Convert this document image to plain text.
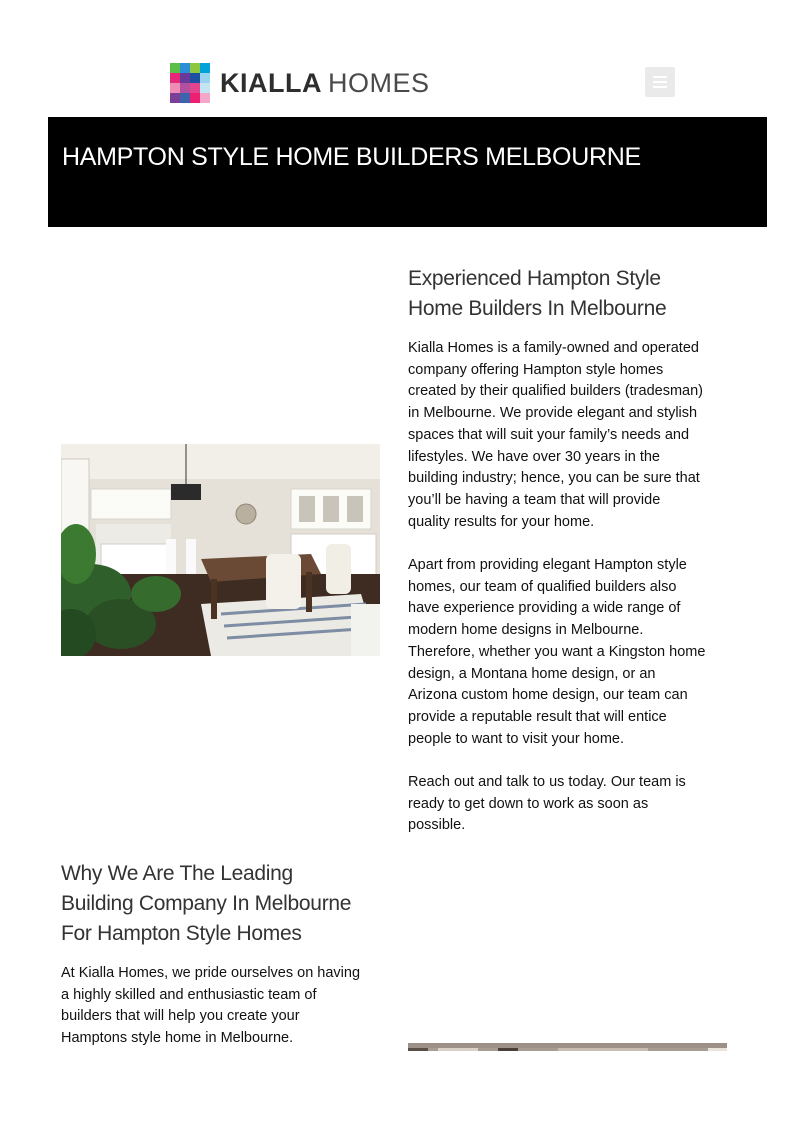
KIALLA HOMES
HAMPTON STYLE HOME BUILDERS MELBOURNE
Experienced Hampton Style Home Builders In Melbourne

Kialla Homes is a family-owned and operated company offering Hampton style homes created by their qualified builders (tradesman) in Melbourne. We provide elegant and stylish spaces that will suit your family’s needs and lifestyles. We have over 30 years in the building industry; hence, you can be sure that you’ll be having a team that will provide quality results for your home.

Apart from providing elegant Hampton style homes, our team of qualified builders also have experience providing a wide range of modern home designs in Melbourne. Therefore, whether you want a Kingston home design, a Montana home design, or an Arizona custom home design, our team can provide a reputable result that will entice people to want to visit your home.

Reach out and talk to us today. Our team is ready to get down to work as soon as possible.

Why We Are The Leading Building Company In Melbourne For Hampton Style Homes

At Kialla Homes, we pride ourselves on having a highly skilled and enthusiastic team of builders that will help you create your Hamptons style home in Melbourne.
